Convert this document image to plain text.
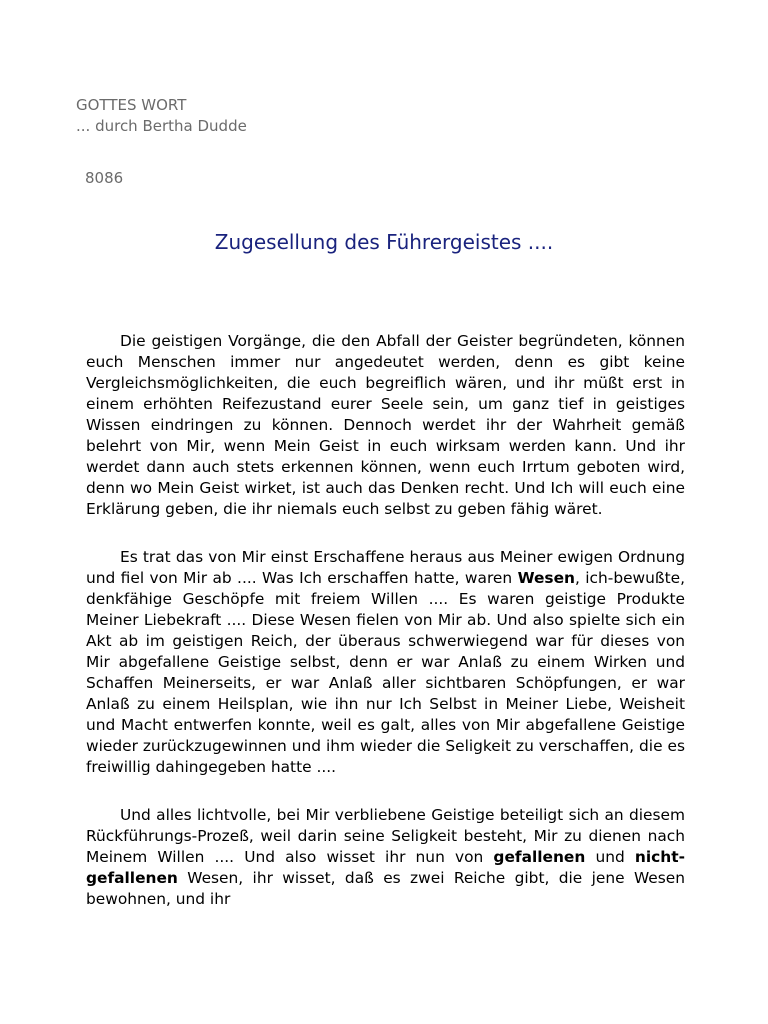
GOTTES WORT
... durch Bertha Dudde
8086
Zugesellung des Führergeistes ....

Die geistigen Vorgänge, die den Abfall der Geister begründeten, können euch Menschen immer nur angedeutet werden, denn es gibt keine Vergleichsmöglichkeiten, die euch begreiflich wären, und ihr müßt erst in einem erhöhten Reifezustand eurer Seele sein, um ganz tief in geistiges Wissen eindringen zu können. Dennoch werdet ihr der Wahrheit gemäß belehrt von Mir, wenn Mein Geist in euch wirksam werden kann. Und ihr werdet dann auch stets erkennen können, wenn euch Irrtum geboten wird, denn wo Mein Geist wirket, ist auch das Denken recht. Und Ich will euch eine Erklärung geben, die ihr niemals euch selbst zu geben fähig wäret.

Es trat das von Mir einst Erschaffene heraus aus Meiner ewigen Ordnung und fiel von Mir ab .... Was Ich erschaffen hatte, waren Wesen, ich-bewußte, denkfähige Geschöpfe mit freiem Willen .... Es waren geistige Produkte Meiner Liebekraft .... Diese Wesen fielen von Mir ab. Und also spielte sich ein Akt ab im geistigen Reich, der überaus schwerwiegend war für dieses von Mir abgefallene Geistige selbst, denn er war Anlaß zu einem Wirken und Schaffen Meinerseits, er war Anlaß aller sichtbaren Schöpfungen, er war Anlaß zu einem Heilsplan, wie ihn nur Ich Selbst in Meiner Liebe, Weisheit und Macht entwerfen konnte, weil es galt, alles von Mir abgefallene Geistige wieder zurückzugewinnen und ihm wieder die Seligkeit zu verschaffen, die es freiwillig dahingegeben hatte ....

Und alles lichtvolle, bei Mir verbliebene Geistige beteiligt sich an diesem Rückführungs-Prozeß, weil darin seine Seligkeit besteht, Mir zu dienen nach Meinem Willen .... Und also wisset ihr nun von gefallenen und nicht-gefallenen Wesen, ihr wisset, daß es zwei Reiche gibt, die jene Wesen bewohnen, und ihr
